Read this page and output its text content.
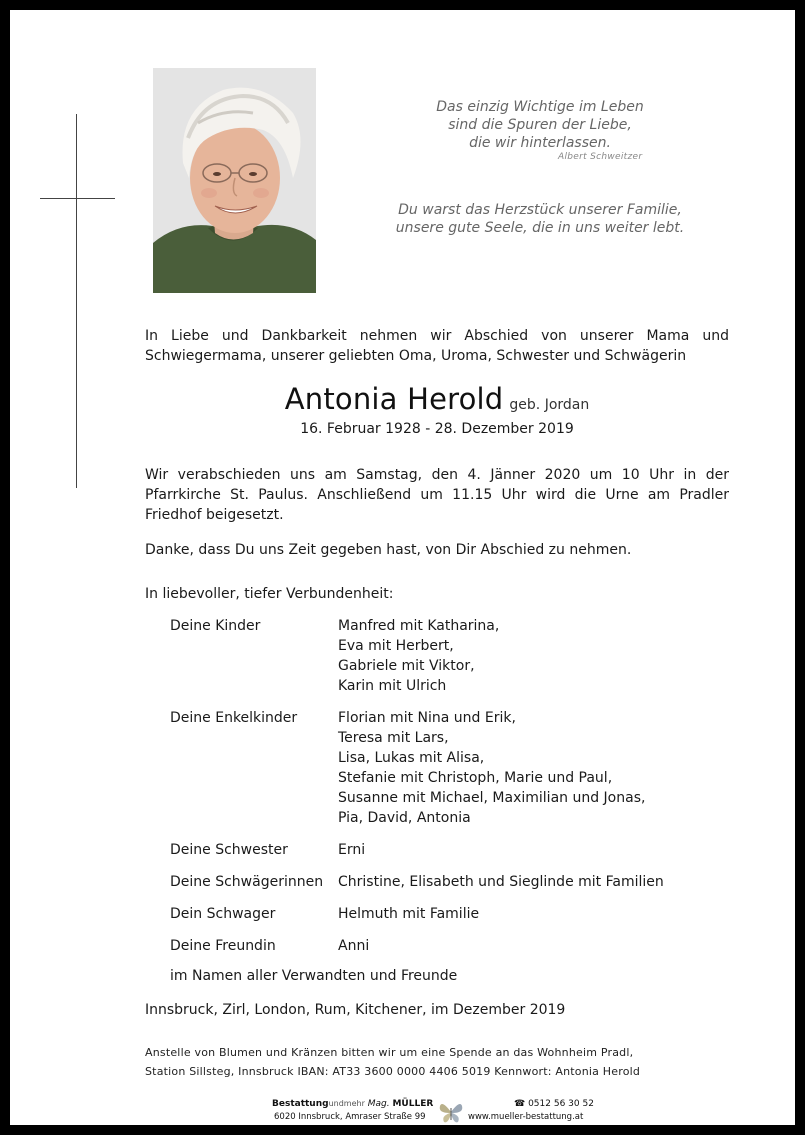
Das einzig Wichtige im Leben
sind die Spuren der Liebe,
die wir hinterlassen.
Albert Schweitzer
Du warst das Herzstück unserer Familie,
unsere gute Seele, die in uns weiter lebt.
In Liebe und Dankbarkeit nehmen wir Abschied von unserer Mama und
Schwiegermama, unserer geliebten Oma, Uroma, Schwester und Schwägerin
Antonia Herold geb. Jordan
16. Februar 1928 - 28. Dezember 2019
Wir verabschieden uns am Samstag, den 4. Jänner 2020 um 10 Uhr in der
Pfarrkirche St. Paulus. Anschließend um 11.15 Uhr wird die Urne am Pradler
Friedhof beigesetzt.
Danke, dass Du uns Zeit gegeben hast, von Dir Abschied zu nehmen.
In liebevoller, tiefer Verbundenheit:
Deine Kinder	Manfred mit Katharina,
Eva mit Herbert,
Gabriele mit Viktor,
Karin mit Ulrich
Deine Enkelkinder	Florian mit Nina und Erik,
Teresa mit Lars,
Lisa, Lukas mit Alisa,
Stefanie mit Christoph, Marie und Paul,
Susanne mit Michael, Maximilian und Jonas,
Pia, David, Antonia
Deine Schwester	Erni
Deine Schwägerinnen	Christine, Elisabeth und Sieglinde mit Familien
Dein Schwager	Helmuth mit Familie
Deine Freundin	Anni
im Namen aller Verwandten und Freunde
Innsbruck, Zirl, London, Rum, Kitchener, im Dezember 2019
Anstelle von Blumen und Kränzen bitten wir um eine Spende an das Wohnheim Pradl,
Station Sillsteg, Innsbruck IBAN: AT33 3600 0000 4406 5019 Kennwort: Antonia Herold
Bestattungundmehr Mag. MÜLLER
6020 Innsbruck, Amraser Straße 99
☎ 0512 56 30 52
www.mueller-bestattung.at
